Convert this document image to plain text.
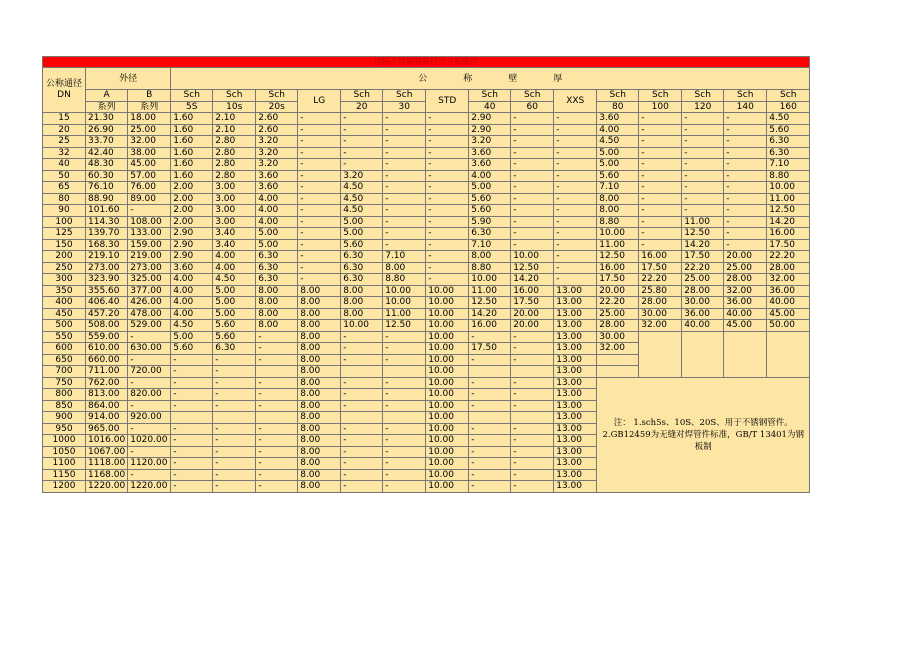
国标不锈钢管外径尺寸和壁厚																	
公称通径DN	外径		公　　　　称　　　　壁　　　　厚														
	A	B	Sch	Sch	Sch	LG	Sch	Sch	STD	Sch	Sch	XXS	Sch	Sch	Sch	Sch	Sch
	系列	系列	5S	10s	20s		20	30		40	60		80	100	120	140	160
15	21.30	18.00	1.60	2.10	2.60	-	-	-	-	2.90	-	-	3.60	-	-	-	4.50
20	26.90	25.00	1.60	2.10	2.60	-	-	-	-	2.90	-	-	4.00	-	-	-	5.60
25	33.70	32.00	1.60	2.80	3.20	-	-	-	-	3.20	-	-	4.50	-	-	-	6.30
32	42.40	38.00	1.60	2.80	3.20	-	-	-	-	3.60	-	-	5.00	-	-	-	6.30
40	48.30	45.00	1.60	2.80	3.20	-	-	-	-	3.60	-	-	5.00	-	-	-	7.10
50	60.30	57.00	1.60	2.80	3.60	-	3.20	-	-	4.00	-	-	5.60	-	-	-	8.80
65	76.10	76.00	2.00	3.00	3.60	-	4.50	-	-	5.00	-	-	7.10	-	-	-	10.00
80	88.90	89.00	2.00	3.00	4.00	-	4.50	-	-	5.60	-	-	8.00	-	-	-	11.00
90	101.60	-	2.00	3.00	4.00	-	4.50	-	-	5.60	-	-	8.00	-	-	-	12.50
100	114.30	108.00	2.00	3.00	4.00	-	5.00	-	-	5.90	-	-	8.80	-	11.00	-	14.20
125	139.70	133.00	2.90	3.40	5.00	-	5.00	-	-	6.30	-	-	10.00	-	12.50	-	16.00
150	168.30	159.00	2.90	3.40	5.00	-	5.60	-	-	7.10	-	-	11.00	-	14.20	-	17.50
200	219.10	219.00	2.90	4.00	6.30	-	6.30	7.10	-	8.00	10.00	-	12.50	16.00	17.50	20.00	22.20
250	273.00	273.00	3.60	4.00	6.30	-	6.30	8.00	-	8.80	12.50	-	16.00	17.50	22.20	25.00	28.00
300	323.90	325.00	4.00	4.50	6.30	-	6.30	8.80	-	10.00	14.20	-	17.50	22.20	25.00	28.00	32.00
350	355.60	377.00	4.00	5.00	8.00	8.00	8.00	10.00	10.00	11.00	16.00	13.00	20.00	25.80	28.00	32.00	36.00
400	406.40	426.00	4.00	5.00	8.00	8.00	8.00	10.00	10.00	12.50	17.50	13.00	22.20	28.00	30.00	36.00	40.00
450	457.20	478.00	4.00	5.00	8.00	8.00	8.00	11.00	10.00	14.20	20.00	13.00	25.00	30.00	36.00	40.00	45.00
500	508.00	529.00	4.50	5.60	8.00	8.00	10.00	12.50	10.00	16.00	20.00	13.00	28.00	32.00	40.00	45.00	50.00
550	559.00	-	5.00	5.60	-	8.00	-	-	10.00	-	-	13.00	30.00				
600	610.00	630.00	5.60	6.30	-	8.00	-	-	10.00	17.50	-	13.00	32.00				
650	660.00	-	-	-	-	8.00	-	-	10.00	-	-	13.00					
700	711.00	720.00	-	-		8.00			10.00			13.00					
750	762.00	-	-	-	-	8.00	-	-	10.00	-	-	13.00	注： 1.sch5s、10S、20S、用于不锈钢管件。
2.GB12459为无缝对焊管件标准，GB/T 13401为钢板制				

800	813.00	820.00	-	-	-	8.00	-	-	10.00	-	-	13.00					
850	864.00	-	-	-	-	8.00	-	-	10.00	-	-	13.00					
900	914.00	920.00				8.00			10.00			13.00					
950	965.00	-	-	-	-	8.00	-	-	10.00	-	-	13.00					
1000	1016.00	1020.00	-	-	-	8.00	-	-	10.00	-	-	13.00					
1050	1067.00	-	-	-	-	8.00	-	-	10.00	-	-	13.00					
1100	1118.00	1120.00	-	-	-	8.00	-	-	10.00	-	-	13.00					
1150	1168.00	-	-	-	-	8.00	-	-	10.00	-	-	13.00					
1200	1220.00	1220.00	-	-	-	8.00	-	-	10.00	-	-	13.00					
